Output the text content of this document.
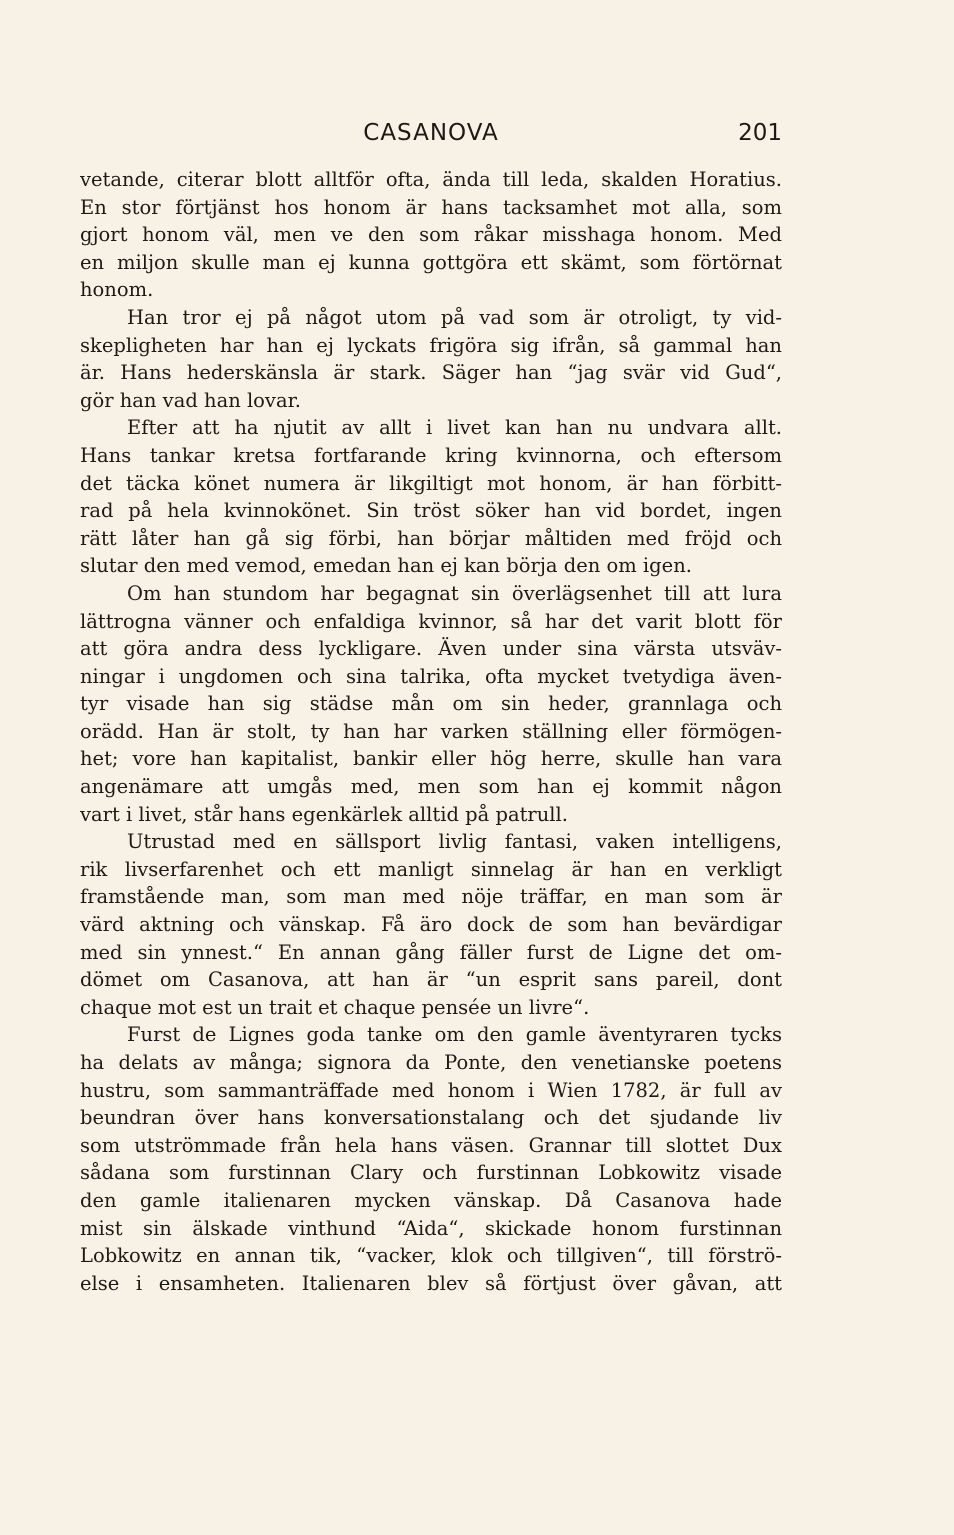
CASANOVA	201
vetande, citerar blott alltför ofta, ända till leda, skalden Horatius.
En stor förtjänst hos honom är hans tacksamhet mot alla, som
gjort honom väl, men ve den som råkar misshaga honom. Med
en miljon skulle man ej kunna gottgöra ett skämt, som förtörnat
honom.
Han tror ej på något utom på vad som är otroligt, ty vid-
skepligheten har han ej lyckats frigöra sig ifrån, så gammal han
är. Hans hederskänsla är stark. Säger han “jag svär vid Gud“,
gör han vad han lovar.
Efter att ha njutit av allt i livet kan han nu undvara allt.
Hans tankar kretsa fortfarande kring kvinnorna, och eftersom
det täcka könet numera är likgiltigt mot honom, är han förbitt-
rad på hela kvinnokönet. Sin tröst söker han vid bordet, ingen
rätt låter han gå sig förbi, han börjar måltiden med fröjd och
slutar den med vemod, emedan han ej kan börja den om igen.
Om han stundom har begagnat sin överlägsenhet till att lura
lättrogna vänner och enfaldiga kvinnor, så har det varit blott för
att göra andra dess lyckligare. Även under sina värsta utsväv-
ningar i ungdomen och sina talrika, ofta mycket tvetydiga även-
tyr visade han sig städse mån om sin heder, grannlaga och
orädd. Han är stolt, ty han har varken ställning eller förmögen-
het; vore han kapitalist, bankir eller hög herre, skulle han vara
angenämare att umgås med, men som han ej kommit någon
vart i livet, står hans egenkärlek alltid på patrull.
Utrustad med en sällsport livlig fantasi, vaken intelligens,
rik livserfarenhet och ett manligt sinnelag är han en verkligt
framstående man, som man med nöje träffar, en man som är
värd aktning och vänskap. Få äro dock de som han bevärdigar
med sin ynnest.“ En annan gång fäller furst de Ligne det om-
dömet om Casanova, att han är “un esprit sans pareil, dont
chaque mot est un trait et chaque pensée un livre“.
Furst de Lignes goda tanke om den gamle äventyraren tycks
ha delats av många; signora da Ponte, den venetianske poetens
hustru, som sammanträffade med honom i Wien 1782, är full av
beundran över hans konversationstalang och det sjudande liv
som utströmmade från hela hans väsen. Grannar till slottet Dux
sådana som furstinnan Clary och furstinnan Lobkowitz visade
den gamle italienaren mycken vänskap. Då Casanova hade
mist sin älskade vinthund “Aida“, skickade honom furstinnan
Lobkowitz en annan tik, “vacker, klok och tillgiven“, till förströ-
else i ensamheten. Italienaren blev så förtjust över gåvan, att
